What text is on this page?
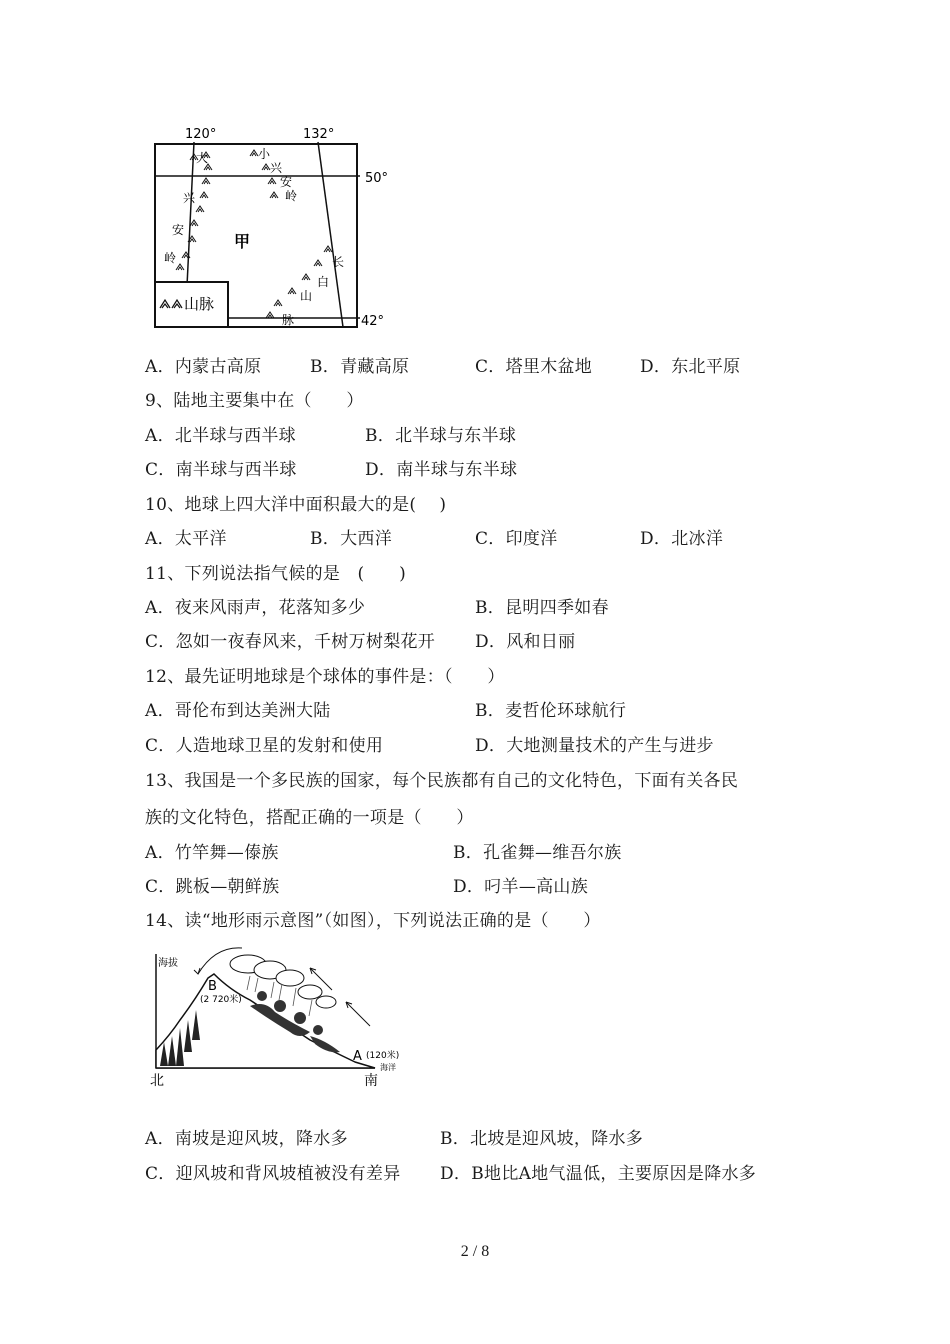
120°	132°
50°
42°
山脉
甲
大
兴
安
岭
小
兴
安
岭
长
白
山
脉
A．内蒙古高原	B．青藏高原	C．塔里木盆地	D．东北平原
9、陆地主要集中在（　　）
A．北半球与西半球	B．北半球与东半球
C．南半球与西半球	D．南半球与东半球
10、地球上四大洋中面积最大的是(　 )
A．太平洋	B．大西洋	C．印度洋	D．北冰洋
11、下列说法指气候的是　(　　)
A．夜来风雨声，花落知多少	B．昆明四季如春
C．忽如一夜春风来，千树万树梨花开 D．风和日丽
12、最先证明地球是个球体的事件是：（　　）
A．哥伦布到达美洲大陆	B．麦哲伦环球航行
C．人造地球卫星的发射和使用	D．大地测量技术的产生与进步
13、我国是一个多民族的国家，每个民族都有自己的文化特色，下面有关各民
族的文化特色，搭配正确的一项是（　　）
A．竹竿舞—傣族	B．孔雀舞—维吾尔族
C．跳板—朝鲜族	D．叼羊—高山族
14、读“地形雨示意图”（如图），下列说法正确的是（　　）
海拔
B
(2 720米)
A (120米)
海洋
北	南
A．南坡是迎风坡，降水多	B．北坡是迎风坡，降水多
C．迎风坡和背风坡植被没有差异 D．B地比A地气温低，主要原因是降水多
2 / 8
